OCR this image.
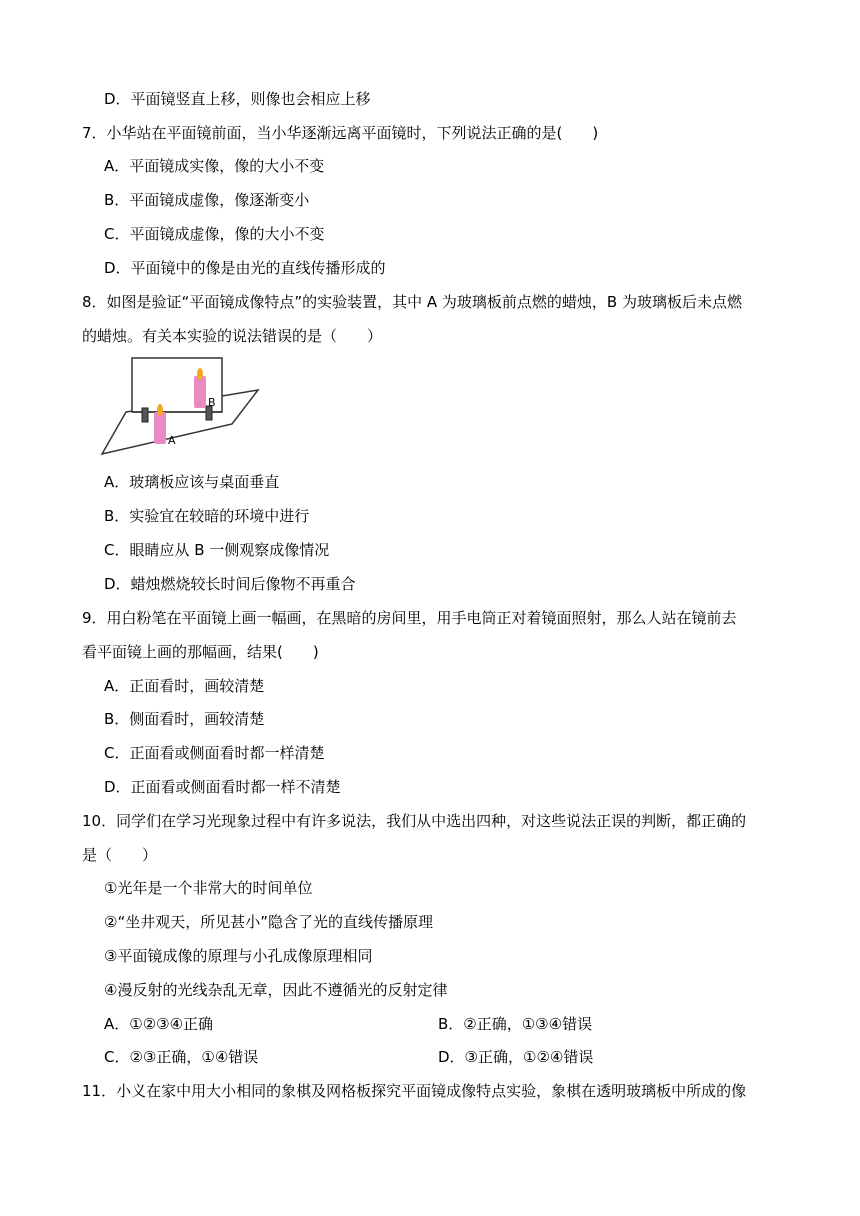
D．平面镜竖直上移，则像也会相应上移
7．小华站在平面镜前面，当小华逐渐远离平面镜时，下列说法正确的是(　　)
A．平面镜成实像，像的大小不变
B．平面镜成虚像，像逐渐变小
C．平面镜成虚像，像的大小不变
D．平面镜中的像是由光的直线传播形成的
8．如图是验证“平面镜成像特点”的实验装置，其中 A 为玻璃板前点燃的蜡烛，B 为玻璃板后未点燃
的蜡烛。有关本实验的说法错误的是（　　）
B
A
A．玻璃板应该与桌面垂直
B．实验宜在较暗的环境中进行
C．眼睛应从 B 一侧观察成像情况
D．蜡烛燃烧较长时间后像物不再重合
9．用白粉笔在平面镜上画一幅画，在黑暗的房间里，用手电筒正对着镜面照射，那么人站在镜前去
看平面镜上画的那幅画，结果(　　)
A．正面看时，画较清楚
B．侧面看时，画较清楚
C．正面看或侧面看时都一样清楚
D．正面看或侧面看时都一样不清楚
10．同学们在学习光现象过程中有许多说法，我们从中选出四种，对这些说法正误的判断，都正确的
是（　　）
①光年是一个非常大的时间单位
②“坐井观天，所见甚小”隐含了光的直线传播原理
③平面镜成像的原理与小孔成像原理相同
④漫反射的光线杂乱无章，因此不遵循光的反射定律
A．①②③④正确	B．②正确，①③④错误
C．②③正确，①④错误	D．③正确，①②④错误
11．小义在家中用大小相同的象棋及网格板探究平面镜成像特点实验，象棋在透明玻璃板中所成的像
